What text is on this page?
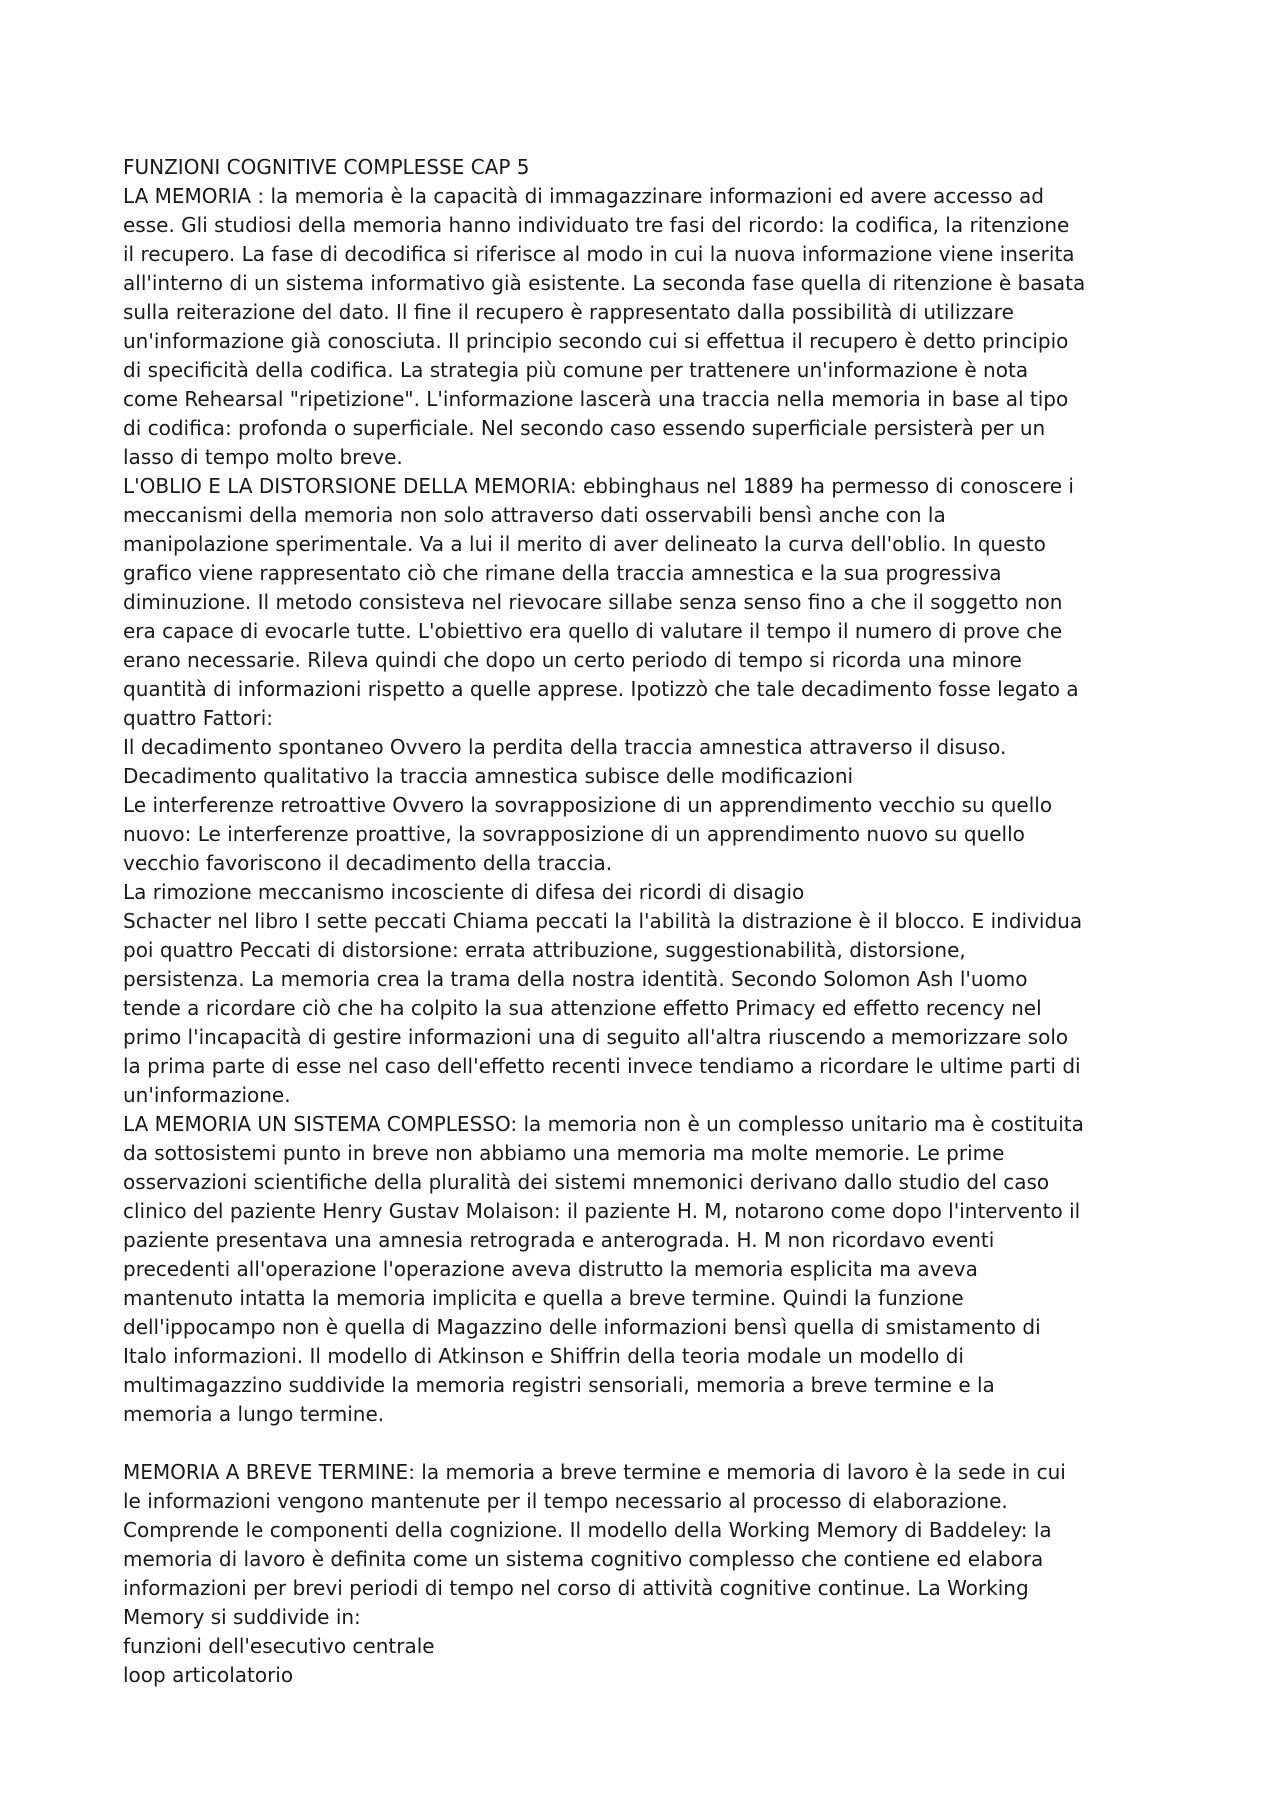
FUNZIONI COGNITIVE COMPLESSE CAP 5

LA MEMORIA : la memoria è la capacità di immagazzinare informazioni ed avere accesso ad

esse. Gli studiosi della memoria hanno individuato tre fasi del ricordo: la codifica, la ritenzione

il recupero. La fase di decodifica si riferisce al modo in cui la nuova informazione viene inserita

all'interno di un sistema informativo già esistente. La seconda fase quella di ritenzione è basata

sulla reiterazione del dato. Il fine il recupero è rappresentato dalla possibilità di utilizzare

un'informazione già conosciuta. Il principio secondo cui si effettua il recupero è detto principio

di specificità della codifica. La strategia più comune per trattenere un'informazione è nota

come Rehearsal "ripetizione". L'informazione lascerà una traccia nella memoria in base al tipo

di codifica: profonda o superficiale. Nel secondo caso essendo superficiale persisterà per un

lasso di tempo molto breve.

L'OBLIO E LA DISTORSIONE DELLA MEMORIA: ebbinghaus nel 1889 ha permesso di conoscere i

meccanismi della memoria non solo attraverso dati osservabili bensì anche con la

manipolazione sperimentale. Va a lui il merito di aver delineato la curva dell'oblio. In questo

grafico viene rappresentato ciò che rimane della traccia amnestica e la sua progressiva

diminuzione. Il metodo consisteva nel rievocare sillabe senza senso fino a che il soggetto non

era capace di evocarle tutte. L'obiettivo era quello di valutare il tempo il numero di prove che

erano necessarie. Rileva quindi che dopo un certo periodo di tempo si ricorda una minore

quantità di informazioni rispetto a quelle apprese. Ipotizzò che tale decadimento fosse legato a

quattro Fattori:

Il decadimento spontaneo Ovvero la perdita della traccia amnestica attraverso il disuso.

Decadimento qualitativo la traccia amnestica subisce delle modificazioni

Le interferenze retroattive Ovvero la sovrapposizione di un apprendimento vecchio su quello

nuovo: Le interferenze proattive, la sovrapposizione di un apprendimento nuovo su quello

vecchio favoriscono il decadimento della traccia.

La rimozione meccanismo incosciente di difesa dei ricordi di disagio

Schacter nel libro I sette peccati Chiama peccati la l'abilità la distrazione è il blocco. E individua

poi quattro Peccati di distorsione: errata attribuzione, suggestionabilità, distorsione,

persistenza. La memoria crea la trama della nostra identità. Secondo Solomon Ash l'uomo

tende a ricordare ciò che ha colpito la sua attenzione effetto Primacy ed effetto recency nel

primo l'incapacità di gestire informazioni una di seguito all'altra riuscendo a memorizzare solo

la prima parte di esse nel caso dell'effetto recenti invece tendiamo a ricordare le ultime parti di

un'informazione.

LA MEMORIA UN SISTEMA COMPLESSO: la memoria non è un complesso unitario ma è costituita

da sottosistemi punto in breve non abbiamo una memoria ma molte memorie. Le prime

osservazioni scientifiche della pluralità dei sistemi mnemonici derivano dallo studio del caso

clinico del paziente Henry Gustav Molaison: il paziente H. M, notarono come dopo l'intervento il

paziente presentava una amnesia retrograda e anterograda. H. M non ricordavo eventi

precedenti all'operazione l'operazione aveva distrutto la memoria esplicita ma aveva

mantenuto intatta la memoria implicita e quella a breve termine. Quindi la funzione

dell'ippocampo non è quella di Magazzino delle informazioni bensì quella di smistamento di

Italo informazioni. Il modello di Atkinson e Shiffrin della teoria modale un modello di

multimagazzino suddivide la memoria registri sensoriali, memoria a breve termine e la

memoria a lungo termine.

MEMORIA A BREVE TERMINE: la memoria a breve termine e memoria di lavoro è la sede in cui

le informazioni vengono mantenute per il tempo necessario al processo di elaborazione.

Comprende le componenti della cognizione. Il modello della Working Memory di Baddeley: la

memoria di lavoro è definita come un sistema cognitivo complesso che contiene ed elabora

informazioni per brevi periodi di tempo nel corso di attività cognitive continue. La Working

Memory si suddivide in:

funzioni dell'esecutivo centrale

loop articolatorio
